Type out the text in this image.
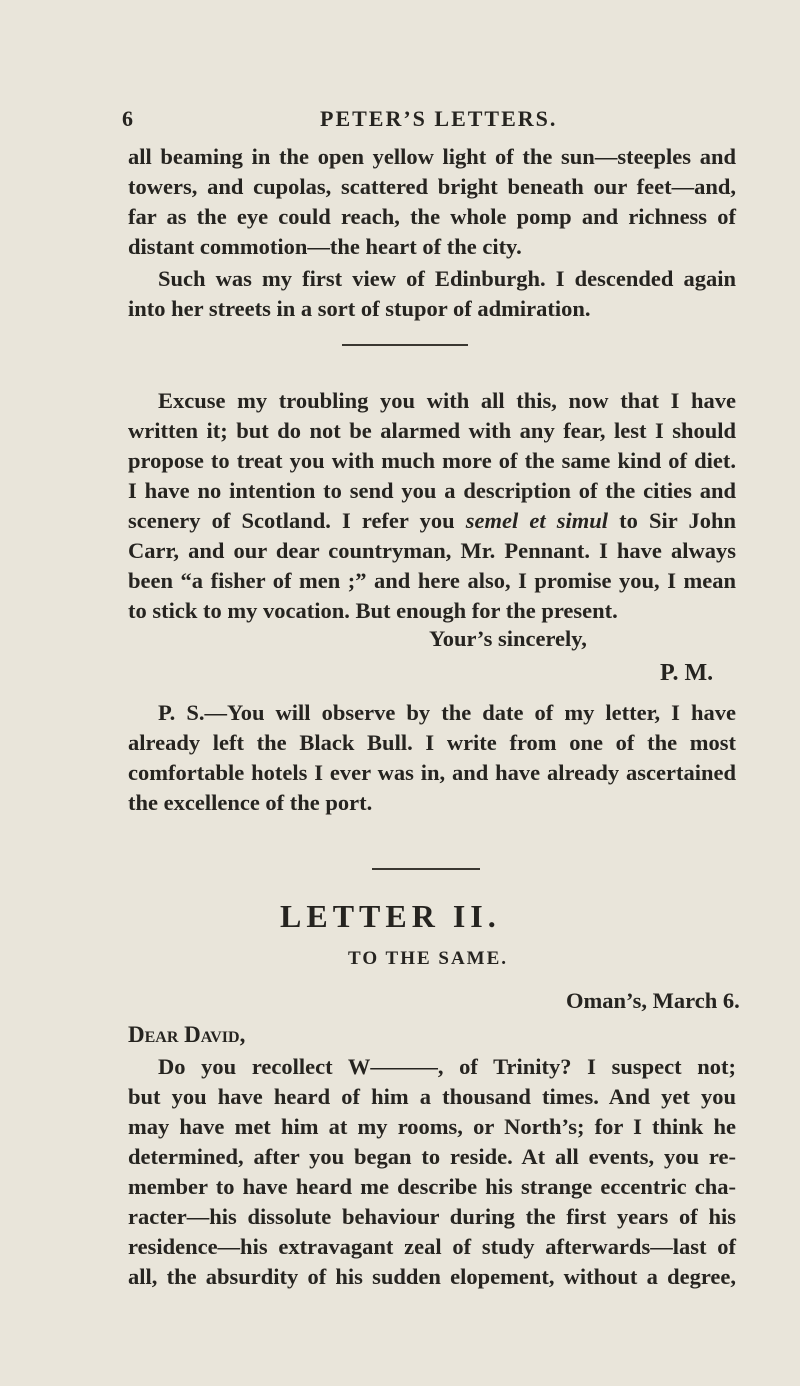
6	PETER’S LETTERS.
all beaming in the open yellow light of the sun—steeples and
towers, and cupolas, scattered bright beneath our feet—and,
far as the eye could reach, the whole pomp and richness of
distant commotion—the heart of the city.
Such was my first view of Edinburgh. I descended again
into her streets in a sort of stupor of admiration.
Excuse my troubling you with all this, now that I have
written it; but do not be alarmed with any fear, lest I should
propose to treat you with much more of the same kind of diet.
I have no intention to send you a description of the cities and
scenery of Scotland. I refer you semel et simul to Sir John
Carr, and our dear countryman, Mr. Pennant. I have always
been “a fisher of men ;” and here also, I promise you, I mean
to stick to my vocation. But enough for the present.
Your’s sincerely,
P. M.
P. S.—You will observe by the date of my letter, I have
already left the Black Bull. I write from one of the most
comfortable hotels I ever was in, and have already ascertained
the excellence of the port.
LETTER II.
TO THE SAME.
Oman’s, March 6.
Dear David,
Do you recollect W———, of Trinity? I suspect not;
but you have heard of him a thousand times. And yet you
may have met him at my rooms, or North’s; for I think he
determined, after you began to reside. At all events, you re-
member to have heard me describe his strange eccentric cha-
racter—his dissolute behaviour during the first years of his
residence—his extravagant zeal of study afterwards—last of
all, the absurdity of his sudden elopement, without a degree,
